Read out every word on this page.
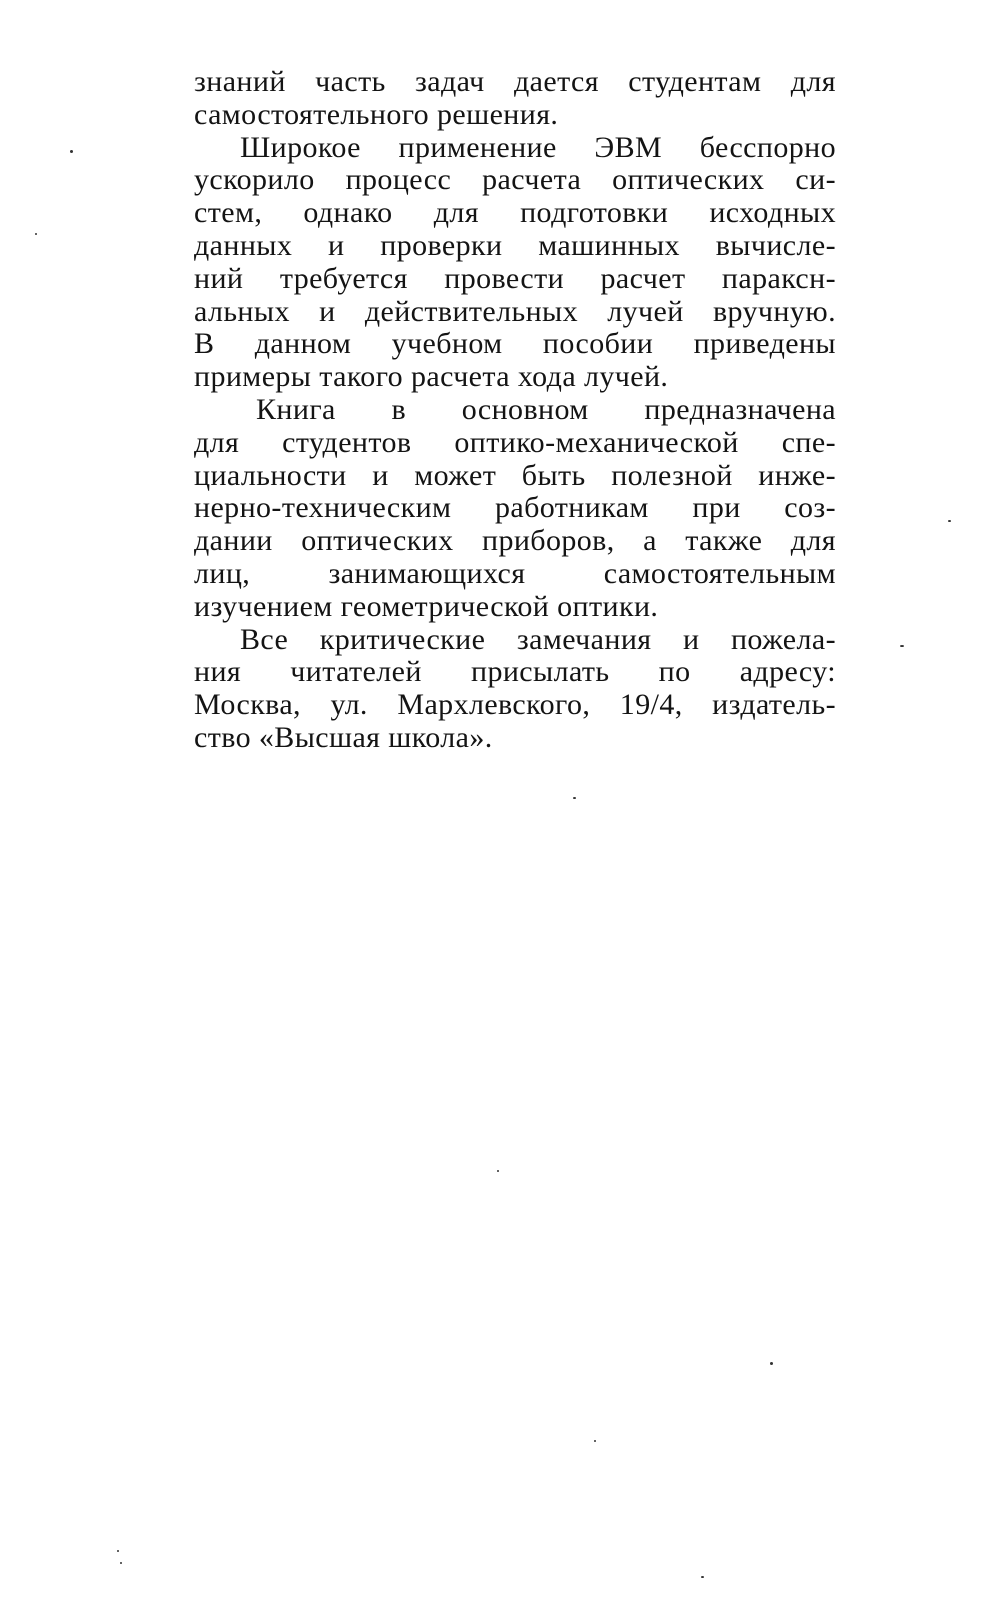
знаний часть задач дается студентам для
самостоятельного решения.
Широкое применение ЭВМ бесспорно
ускорило процесс расчета оптических си-
стем, однако для подготовки исходных
данных и проверки машинных вычисле-
ний требуется провести расчет параксн-
альных и действительных лучей вручную.
В данном учебном пособии приведены
примеры такого расчета хода лучей.
Книга в основном предназначена
для студентов оптико-механической спе-
циальности и может быть полезной инже-
нерно-техническим работникам при соз-
дании оптических приборов, а также для
лиц, занимающихся самостоятельным
изучением геометрической оптики.
Все критические замечания и пожела-
ния читателей присылать по адресу:
Москва, ул. Мархлевского, 19/4, издатель-
ство «Высшая школа».
